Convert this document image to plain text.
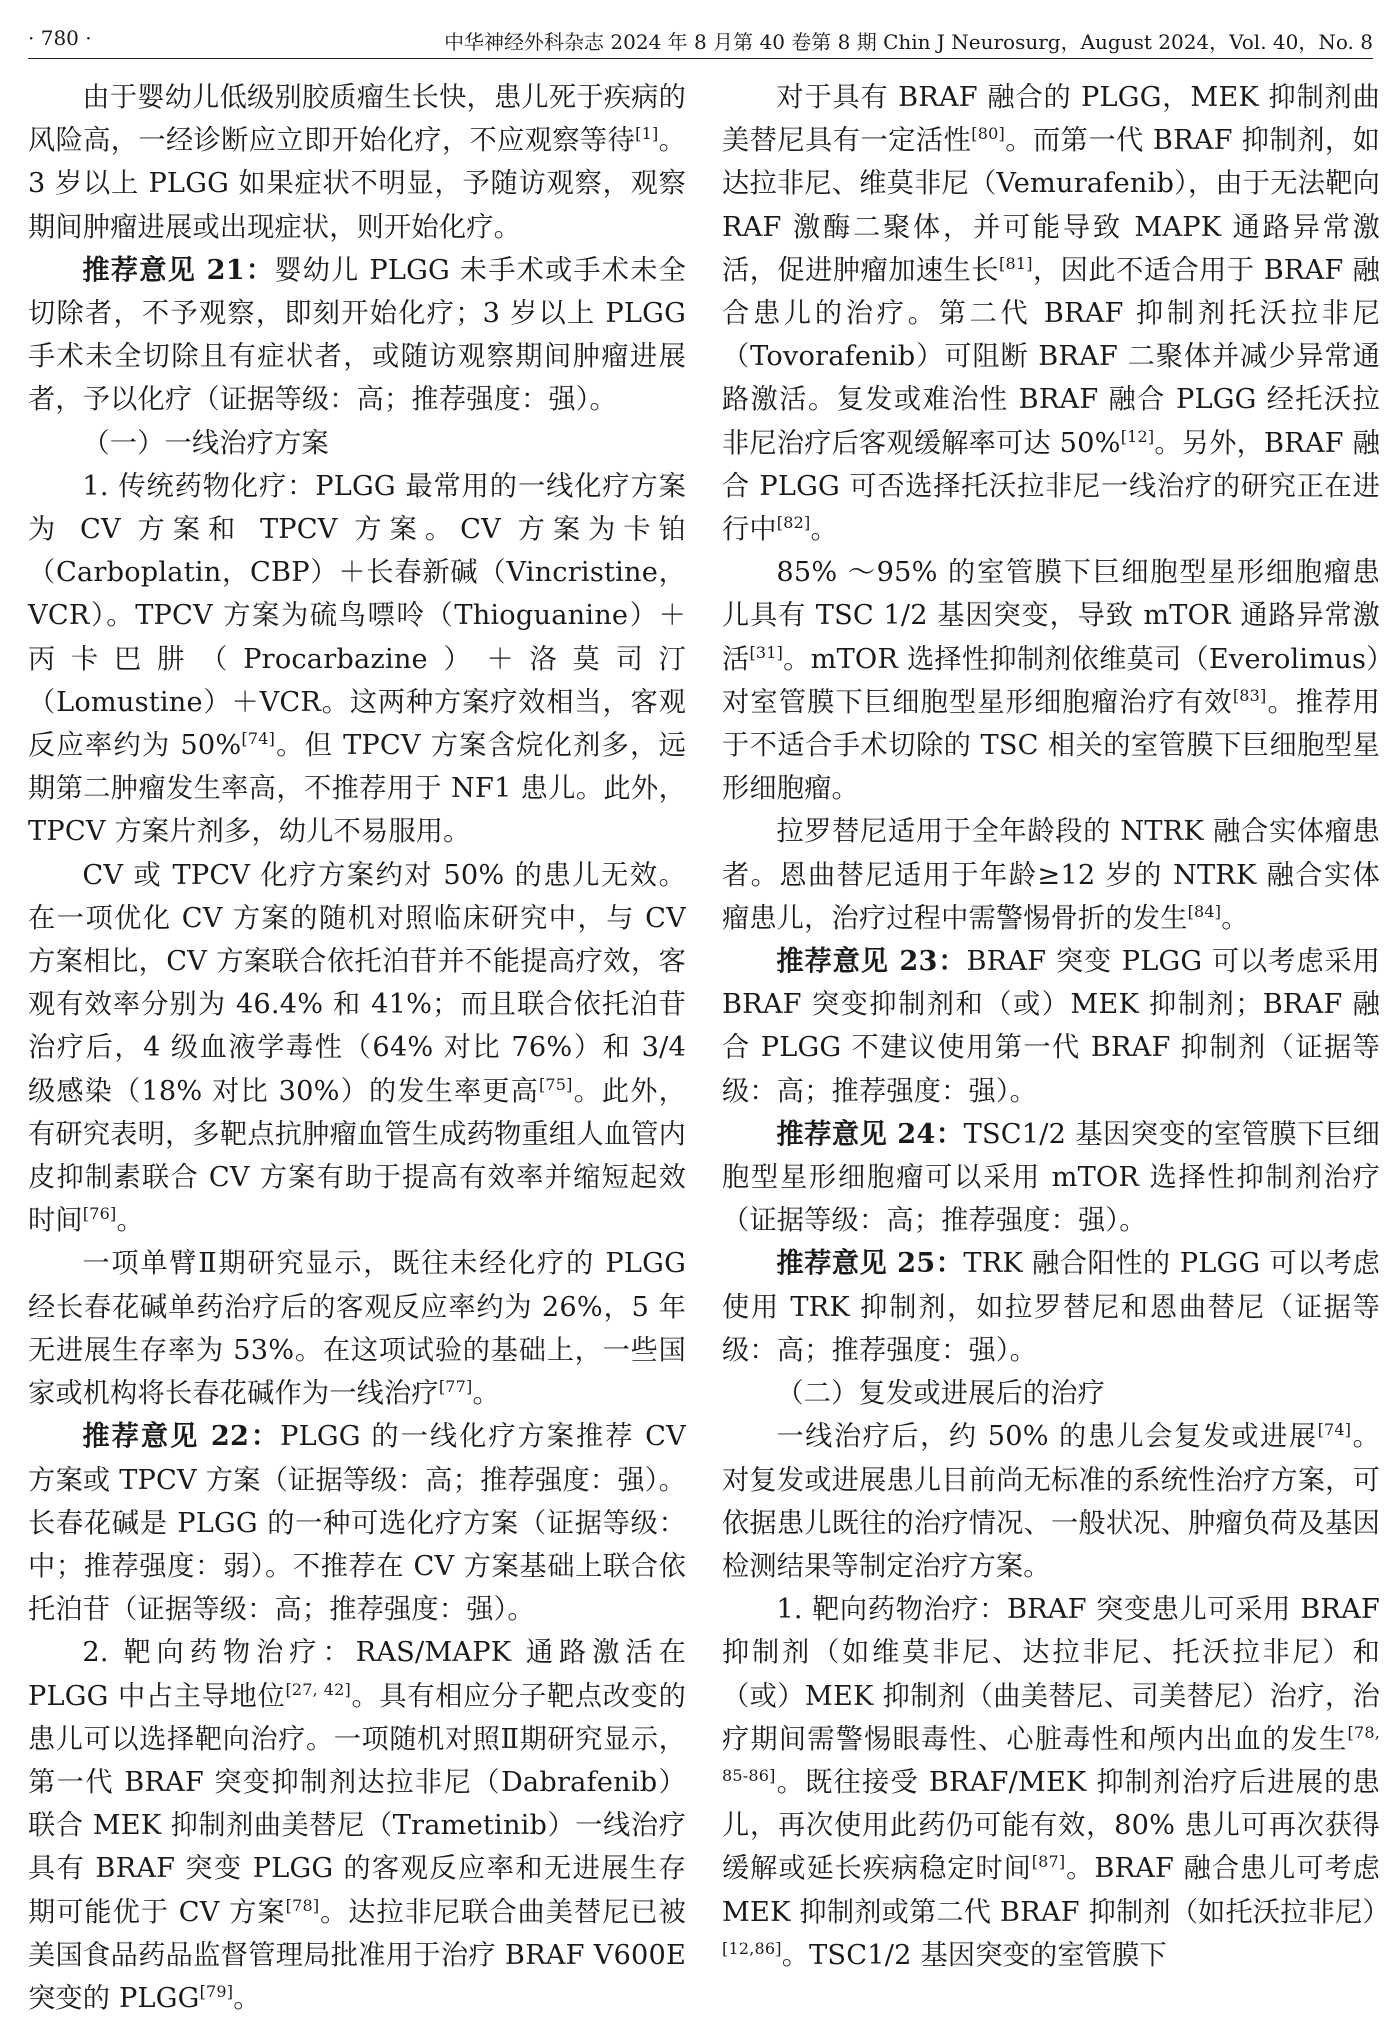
· 780 ·	中华神经外科杂志 2024 年 8 月第 40 卷第 8 期 Chin J Neurosurg，August 2024，Vol. 40，No. 8

由于婴幼儿低级别胶质瘤生长快，患儿死于疾病的风险高，一经诊断应立即开始化疗，不应观察等待[1]。3 岁以上 PLGG 如果症状不明显，予随访观察，观察期间肿瘤进展或出现症状，则开始化疗。

推荐意见 21：婴幼儿 PLGG 未手术或手术未全切除者，不予观察，即刻开始化疗；3 岁以上 PLGG 手术未全切除且有症状者，或随访观察期间肿瘤进展者，予以化疗（证据等级：高；推荐强度：强）。

（一）一线治疗方案

1. 传统药物化疗：PLGG 最常用的一线化疗方案为 CV 方案和 TPCV 方案。CV 方案为卡铂（Carboplatin，CBP）＋长春新碱（Vincristine，VCR）。TPCV 方案为硫鸟嘌呤（Thioguanine）＋丙卡巴肼（Procarbazine）＋洛莫司汀（Lomustine）＋VCR。这两种方案疗效相当，客观反应率约为 50%[74]。但 TPCV 方案含烷化剂多，远期第二肿瘤发生率高，不推荐用于 NF1 患儿。此外，TPCV 方案片剂多，幼儿不易服用。

CV 或 TPCV 化疗方案约对 50% 的患儿无效。在一项优化 CV 方案的随机对照临床研究中，与 CV 方案相比，CV 方案联合依托泊苷并不能提高疗效，客观有效率分别为 46.4% 和 41%；而且联合依托泊苷治疗后，4 级血液学毒性（64% 对比 76%）和 3/4 级感染（18% 对比 30%）的发生率更高[75]。此外，有研究表明，多靶点抗肿瘤血管生成药物重组人血管内皮抑制素联合 CV 方案有助于提高有效率并缩短起效时间[76]。

一项单臂Ⅱ期研究显示，既往未经化疗的 PLGG 经长春花碱单药治疗后的客观反应率约为 26%，5 年无进展生存率为 53%。在这项试验的基础上，一些国家或机构将长春花碱作为一线治疗[77]。

推荐意见 22：PLGG 的一线化疗方案推荐 CV 方案或 TPCV 方案（证据等级：高；推荐强度：强）。长春花碱是 PLGG 的一种可选化疗方案（证据等级：中；推荐强度：弱）。不推荐在 CV 方案基础上联合依托泊苷（证据等级：高；推荐强度：强）。

2. 靶向药物治疗：RAS/MAPK 通路激活在 PLGG 中占主导地位[27, 42]。具有相应分子靶点改变的患儿可以选择靶向治疗。一项随机对照Ⅱ期研究显示，第一代 BRAF 突变抑制剂达拉非尼（Dabrafenib）联合 MEK 抑制剂曲美替尼（Trametinib）一线治疗具有 BRAF 突变 PLGG 的客观反应率和无进展生存期可能优于 CV 方案[78]。达拉非尼联合曲美替尼已被美国食品药品监督管理局批准用于治疗 BRAF V600E 突变的 PLGG[79]。

对于具有 BRAF 融合的 PLGG，MEK 抑制剂曲美替尼具有一定活性[80]。而第一代 BRAF 抑制剂，如达拉非尼、维莫非尼（Vemurafenib），由于无法靶向 RAF 激酶二聚体，并可能导致 MAPK 通路异常激活，促进肿瘤加速生长[81]，因此不适合用于 BRAF 融合患儿的治疗。第二代 BRAF 抑制剂托沃拉非尼（Tovorafenib）可阻断 BRAF 二聚体并减少异常通路激活。复发或难治性 BRAF 融合 PLGG 经托沃拉非尼治疗后客观缓解率可达 50%[12]。另外，BRAF 融合 PLGG 可否选择托沃拉非尼一线治疗的研究正在进行中[82]。

85% ～95% 的室管膜下巨细胞型星形细胞瘤患儿具有 TSC 1/2 基因突变，导致 mTOR 通路异常激活[31]。mTOR 选择性抑制剂依维莫司（Everolimus）对室管膜下巨细胞型星形细胞瘤治疗有效[83]。推荐用于不适合手术切除的 TSC 相关的室管膜下巨细胞型星形细胞瘤。

拉罗替尼适用于全年龄段的 NTRK 融合实体瘤患者。恩曲替尼适用于年龄≥12 岁的 NTRK 融合实体瘤患儿，治疗过程中需警惕骨折的发生[84]。

推荐意见 23：BRAF 突变 PLGG 可以考虑采用 BRAF 突变抑制剂和（或）MEK 抑制剂；BRAF 融合 PLGG 不建议使用第一代 BRAF 抑制剂（证据等级：高；推荐强度：强）。

推荐意见 24：TSC1/2 基因突变的室管膜下巨细胞型星形细胞瘤可以采用 mTOR 选择性抑制剂治疗（证据等级：高；推荐强度：强）。

推荐意见 25：TRK 融合阳性的 PLGG 可以考虑使用 TRK 抑制剂，如拉罗替尼和恩曲替尼（证据等级：高；推荐强度：强）。

（二）复发或进展后的治疗

一线治疗后，约 50% 的患儿会复发或进展[74]。对复发或进展患儿目前尚无标准的系统性治疗方案，可依据患儿既往的治疗情况、一般状况、肿瘤负荷及基因检测结果等制定治疗方案。

1. 靶向药物治疗：BRAF 突变患儿可采用 BRAF 抑制剂（如维莫非尼、达拉非尼、托沃拉非尼）和（或）MEK 抑制剂（曲美替尼、司美替尼）治疗，治疗期间需警惕眼毒性、心脏毒性和颅内出血的发生[78, 85-86]。既往接受 BRAF/MEK 抑制剂治疗后进展的患儿，再次使用此药仍可能有效，80% 患儿可再次获得缓解或延长疾病稳定时间[87]。BRAF 融合患儿可考虑 MEK 抑制剂或第二代 BRAF 抑制剂（如托沃拉非尼）[12,86]。TSC1/2 基因突变的室管膜下
